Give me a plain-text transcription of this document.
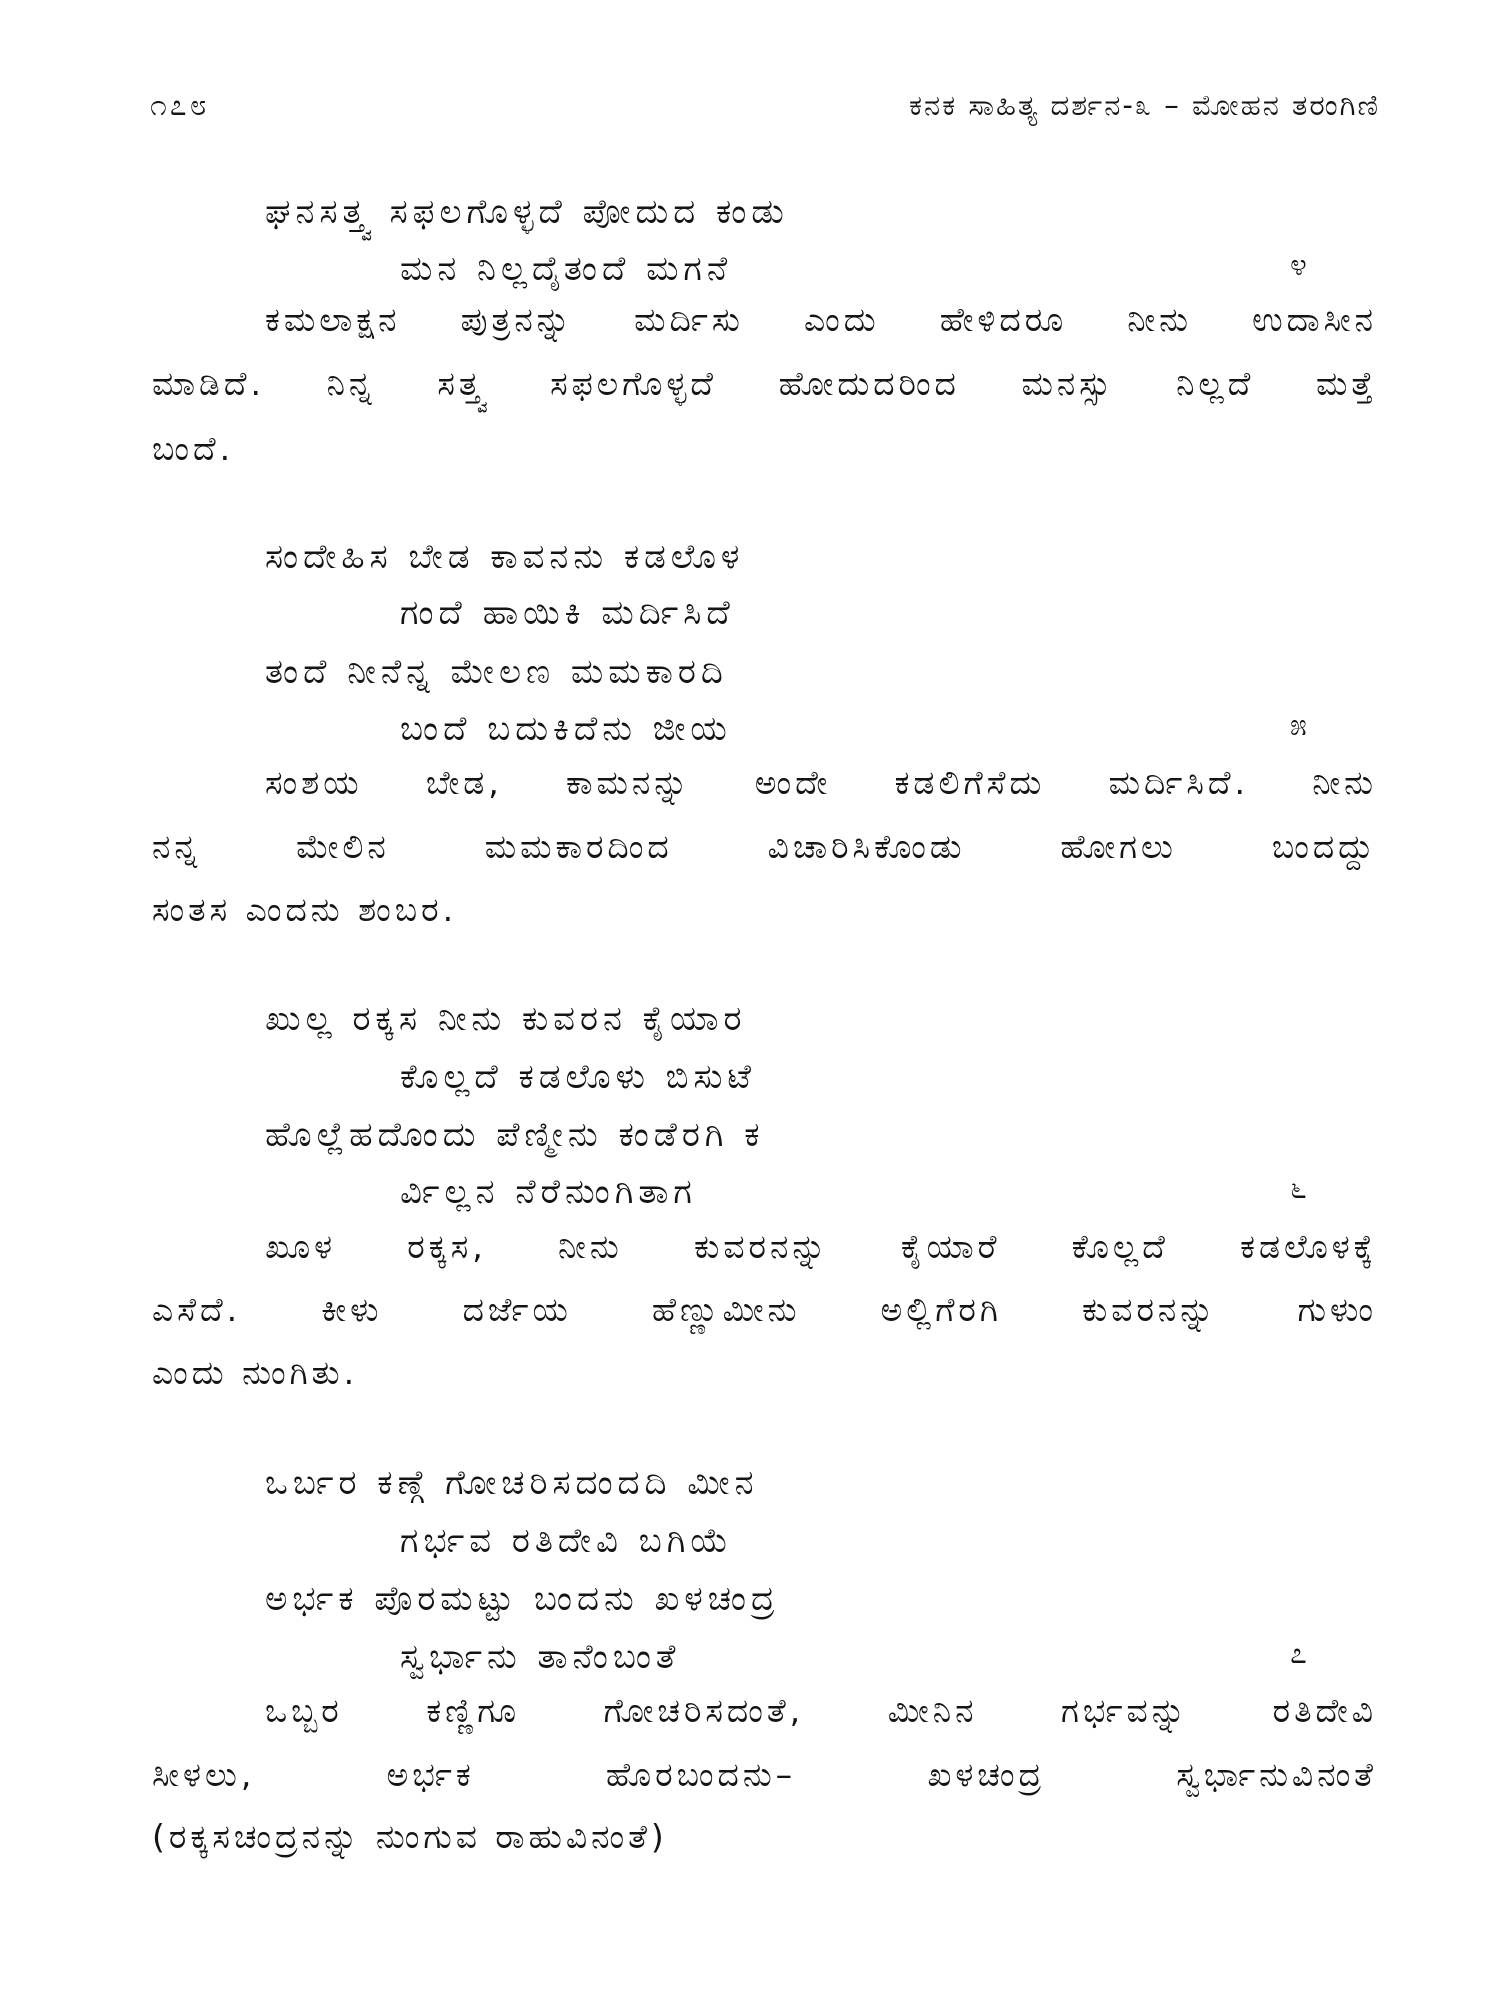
೧೭೮	ಕನಕ ಸಾಹಿತ್ಯ ದರ್ಶನ-೩ – ಮೋಹನ ತರಂಗಿಣಿ
ಘನಸತ್ತ್ವ ಸಫಲಗೊಳ್ಳದೆ ಪೋದುದ ಕಂಡು
ಮನ ನಿಲ್ಲದೈತಂದೆ ಮಗನೆ	೪
ಕಮಲಾಕ್ಷನ ಪುತ್ರನನ್ನು ಮರ್ದಿಸು ಎಂದು ಹೇಳಿದರೂ ನೀನು ಉದಾಸೀನ
ಮಾಡಿದೆ. ನಿನ್ನ ಸತ್ತ್ವ ಸಫಲಗೊಳ್ಳದೆ ಹೋದುದರಿಂದ ಮನಸ್ಸು ನಿಲ್ಲದೆ ಮತ್ತೆ
ಬಂದೆ.
ಸಂದೇಹಿಸ ಬೇಡ ಕಾವನನು ಕಡಲೊಳ
ಗಂದೆ ಹಾಯಿಕಿ ಮರ್ದಿಸಿದೆ
ತಂದೆ ನೀನೆನ್ನ ಮೇಲಣ ಮಮಕಾರದಿ
ಬಂದೆ ಬದುಕಿದೆನು ಜೀಯ	೫
ಸಂಶಯ ಬೇಡ, ಕಾಮನನ್ನು ಅಂದೇ ಕಡಲಿಗೆಸೆದು ಮರ್ದಿಸಿದೆ. ನೀನು
ನನ್ನ ಮೇಲಿನ ಮಮಕಾರದಿಂದ ವಿಚಾರಿಸಿಕೊಂಡು ಹೋಗಲು ಬಂದದ್ದು
ಸಂತಸ ಎಂದನು ಶಂಬರ.
ಖುಲ್ಲ ರಕ್ಕಸ ನೀನು ಕುವರನ ಕೈಯಾರ
ಕೊಲ್ಲದೆ ಕಡಲೊಳು ಬಿಸುಟೆ
ಹೊಲ್ಲೆಹದೊಂದು ಪೆಣ್ಮೀನು ಕಂಡೆರಗಿ ಕ
ರ್ವಿಲ್ಲನ ನೆರೆನುಂಗಿತಾಗ	೬
ಖೂಳ ರಕ್ಕಸ, ನೀನು ಕುವರನನ್ನು ಕೈಯಾರೆ ಕೊಲ್ಲದೆ ಕಡಲೊಳಕ್ಕೆ
ಎಸೆದೆ. ಕೀಳು ದರ್ಜೆಯ ಹೆಣ್ಣುಮೀನು ಅಲ್ಲಿಗೆರಗಿ ಕುವರನನ್ನು ಗುಳುಂ
ಎಂದು ನುಂಗಿತು.
ಒರ್ಬರ ಕಣ್ಗೆ ಗೋಚರಿಸದಂದದಿ ಮೀನ
ಗರ್ಭವ ರತಿದೇವಿ ಬಗಿಯೆ
ಅರ್ಭಕ ಪೊರಮಟ್ಟು ಬಂದನು ಖಳಚಂದ್ರ
ಸ್ವರ್ಭಾನು ತಾನೆಂಬಂತೆ	೭
ಒಬ್ಬರ ಕಣ್ಣಿಗೂ ಗೋಚರಿಸದಂತೆ, ಮೀನಿನ ಗರ್ಭವನ್ನು ರತಿದೇವಿ
ಸೀಳಲು, ಅರ್ಭಕ ಹೊರಬಂದನು– ಖಳಚಂದ್ರ ಸ್ವರ್ಭಾನುವಿನಂತೆ
(ರಕ್ಕಸಚಂದ್ರನನ್ನು ನುಂಗುವ ರಾಹುವಿನಂತೆ)
